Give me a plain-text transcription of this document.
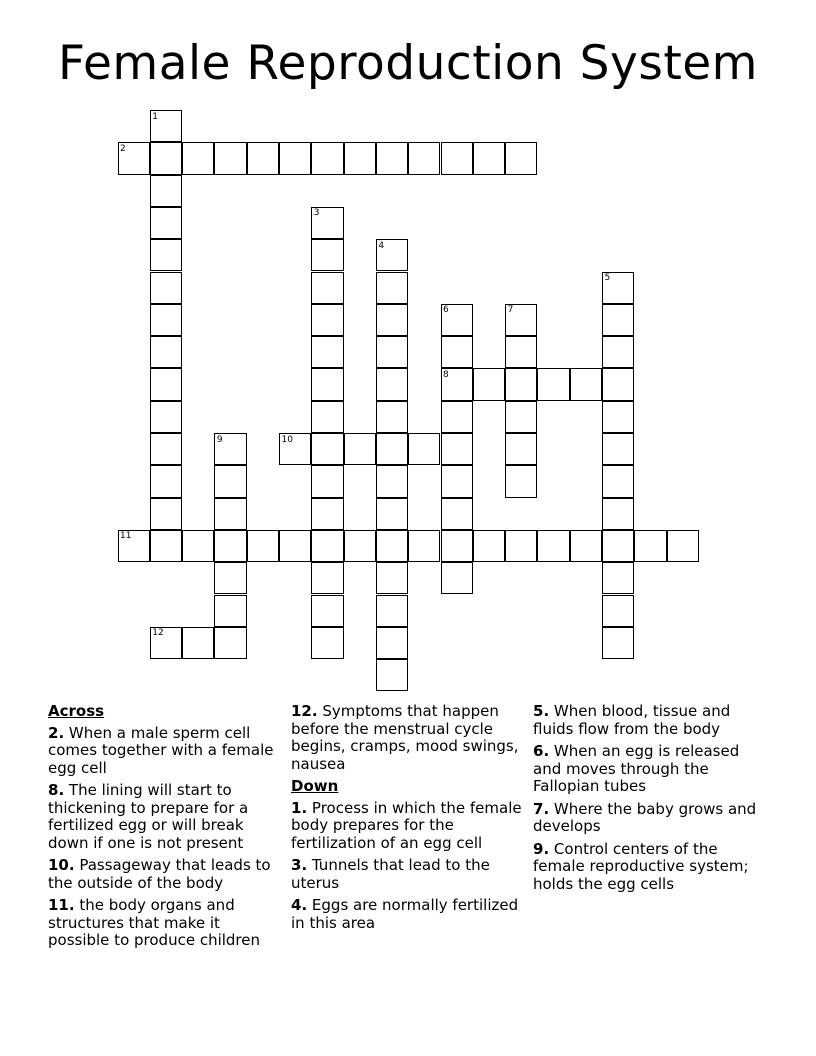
Female Reproduction System
1
2
3
4
5
6	7
8
9	10
11
12
Across
2. When a male sperm cell comes together with a female egg cell
8. The lining will start to thickening to prepare for a fertilized egg or will break down if one is not present
10. Passageway that leads to the outside of the body
11. the body organs and structures that make it possible to produce children
12. Symptoms that happen before the menstrual cycle begins, cramps, mood swings, nausea
Down
1. Process in which the female body prepares for the fertilization of an egg cell
3. Tunnels that lead to the uterus
4. Eggs are normally fertilized in this area
5. When blood, tissue and fluids flow from the body
6. When an egg is released and moves through the Fallopian tubes
7. Where the baby grows and develops
9. Control centers of the female reproductive system; holds the egg cells
